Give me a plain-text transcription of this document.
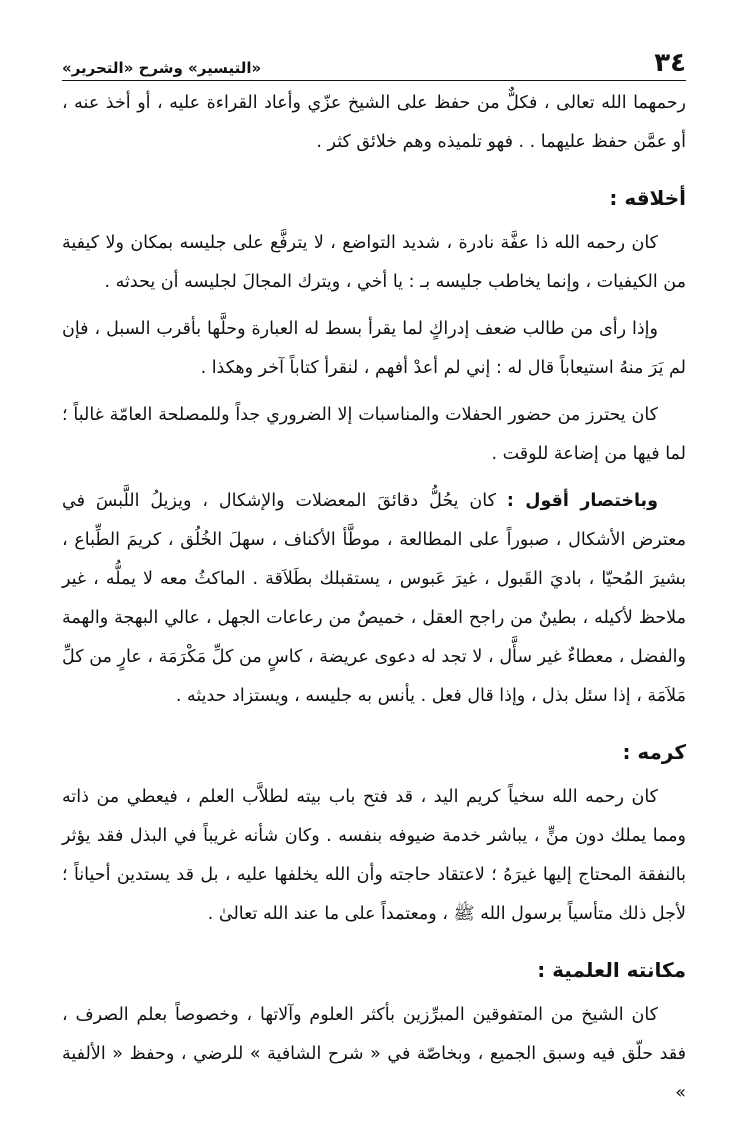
٣٤
«التيسير» وشرح «التحرير»

رحمهما الله تعالى ، فكلٌّ من حفظ على الشيخ عزّي وأعاد القراءة عليه ، أو أخذ عنه ، أو عمَّن حفظ عليهما . . فهو تلميذه وهم خلائق كثر .

أخلاقه :

كان رحمه الله ذا عفَّة نادرة ، شديد التواضع ، لا يترفَّع على جليسه بمكان ولا كيفية من الكيفيات ، وإنما يخاطب جليسه بـ : يا أخي ، ويترك المجالَ لجليسه أن يحدثه .

وإذا رأى من طالب ضعف إدراكٍ لما يقرأ بسط له العبارة وحلَّها بأقرب السبل ، فإن لم يَرَ منهُ استيعاباً قال له : إني لم أعدْ أفهم ، لنقرأ كتاباً آخر وهكذا .

كان يحترز من حضور الحفلات والمناسبات إلا الضروري جداً وللمصلحة العامّة غالباً ؛ لما فيها من إضاعة للوقت .

وباختصار أقول : كان يحُلُّ دقائقَ المعضلات والإشكال ، ويزيلُ اللَّبسَ في معترض الأشكال ، صبوراً على المطالعة ، موطَّأ الأكناف ، سهلَ الخُلُق ، كريمَ الطِّباع ، بشيرَ المُحيّا ، باديَ القَبول ، غيرَ عَبوس ، يستقبلك بطَلاَقة . الماكثُ معه لا يملُّه ، غير ملاحظ لأكيله ، بطينٌ من راجح العقل ، خميصٌ من رعاعات الجهل ، عالي البهجة والهمة والفضل ، معطاءٌ غير سأَّل ، لا تجد له دعوى عريضة ، كاسٍ من كلِّ مَكْرَمَة ، عارٍ من كلِّ مَلاَمَة ، إذا سئل بذل ، وإذا قال فعل . يأنس به جليسه ، ويستزاد حديثه .

كرمه :

كان رحمه الله سخياً كريم اليد ، قد فتح باب بيته لطلاَّب العلم ، فيعطي من ذاته ومما يملك دون منٍّ ، يباشر خدمة ضيوفه بنفسه . وكان شأنه غريباً في البذل فقد يؤثر بالنفقة المحتاج إليها غيرَهُ ؛ لاعتقاد حاجته وأن الله يخلفها عليه ، بل قد يستدين أحياناً ؛ لأجل ذلك متأسياً برسول الله ﷺ ، ومعتمداً على ما عند الله تعالىٰ .

مكانته العلمية :

كان الشيخ من المتفوقين المبرِّزين بأكثر العلوم وآلاتها ، وخصوصاً بعلم الصرف ، فقد حلّق فيه وسبق الجميع ، وبخاصّة في « شرح الشافية » للرضي ، وحفظ « الألفية »
